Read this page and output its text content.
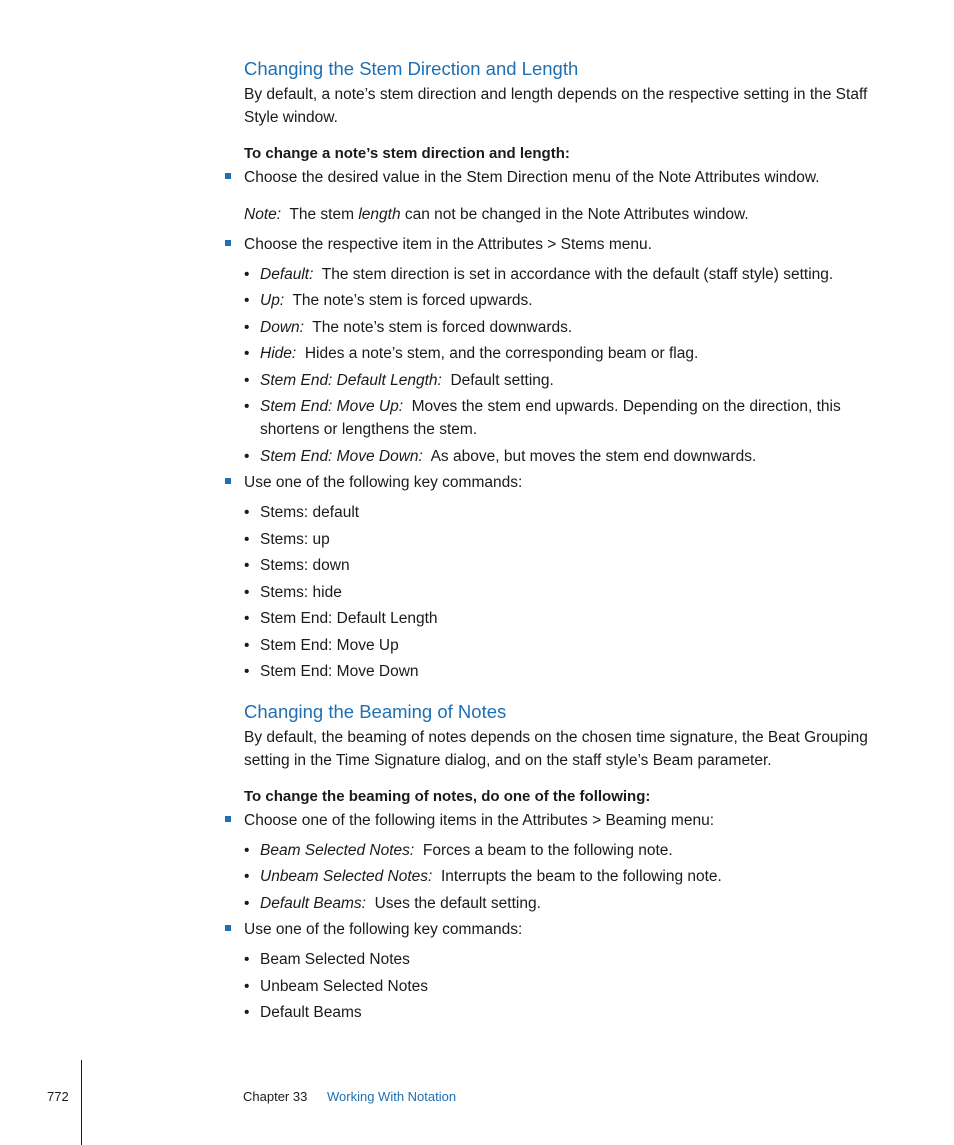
Changing the Stem Direction and Length

By default, a note’s stem direction and length depends on the respective setting in the Staff Style window.

To change a note’s stem direction and length:

Choose the desired value in the Stem Direction menu of the Note Attributes window.
Note: The stem length can not be changed in the Note Attributes window.
Choose the respective item in the Attributes > Stems menu.
• Default: The stem direction is set in accordance with the default (staff style) setting.
• Up: The note’s stem is forced upwards.
• Down: The note’s stem is forced downwards.
• Hide: Hides a note’s stem, and the corresponding beam or flag.
• Stem End: Default Length: Default setting.
• Stem End: Move Up: Moves the stem end upwards. Depending on the direction, this shortens or lengthens the stem.
• Stem End: Move Down: As above, but moves the stem end downwards.
Use one of the following key commands:
• Stems: default
• Stems: up
• Stems: down
• Stems: hide
• Stem End: Default Length
• Stem End: Move Up
• Stem End: Move Down
Changing the Beaming of Notes

By default, the beaming of notes depends on the chosen time signature, the Beat Grouping setting in the Time Signature dialog, and on the staff style’s Beam parameter.

To change the beaming of notes, do one of the following:

Choose one of the following items in the Attributes > Beaming menu:
• Beam Selected Notes: Forces a beam to the following note.
• Unbeam Selected Notes: Interrupts the beam to the following note.
• Default Beams: Uses the default setting.
Use one of the following key commands:
• Beam Selected Notes
• Unbeam Selected Notes
• Default Beams
772	Chapter 33 Working With Notation
